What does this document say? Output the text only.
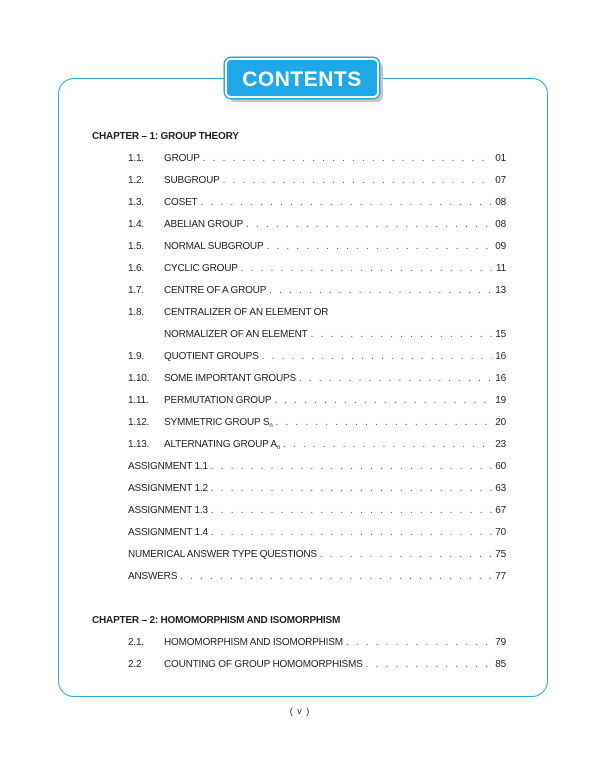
CONTENTS
CHAPTER – 1: GROUP THEORY
1.1.	GROUP . . .	01
1.2.	SUBGROUP . . .	07
1.3.	COSET . . .	08
1.4.	ABELIAN GROUP . . .	08
1.5.	NORMAL SUBGROUP . . .	09
1.6.	CYCLIC GROUP . . .	11
1.7.	CENTRE OF A GROUP . . .	13
1.8.	CENTRALIZER OF AN ELEMENT OR
NORMALIZER OF AN ELEMENT . . .	15
1.9.	QUOTIENT GROUPS . . .	16
1.10.	SOME IMPORTANT GROUPS . . .	16
1.11.	PERMUTATION GROUP . . .	19
1.12.	SYMMETRIC GROUP $S_n$ . . .	20
1.13.	ALTERNATING GROUP $A_n$ . . .	23
ASSIGNMENT 1.1 . . .	60
ASSIGNMENT 1.2 . . .	63
ASSIGNMENT 1.3 . . .	67
ASSIGNMENT 1.4 . . .	70
NUMERICAL ANSWER TYPE QUESTIONS . . .	75
ANSWERS . . .	77
CHAPTER – 2: HOMOMORPHISM AND ISOMORPHISM
2.1.	HOMOMORPHISM AND ISOMORPHISM . . .	79
2.2	COUNTING OF GROUP HOMOMORPHISMS . . .	85
( v )
